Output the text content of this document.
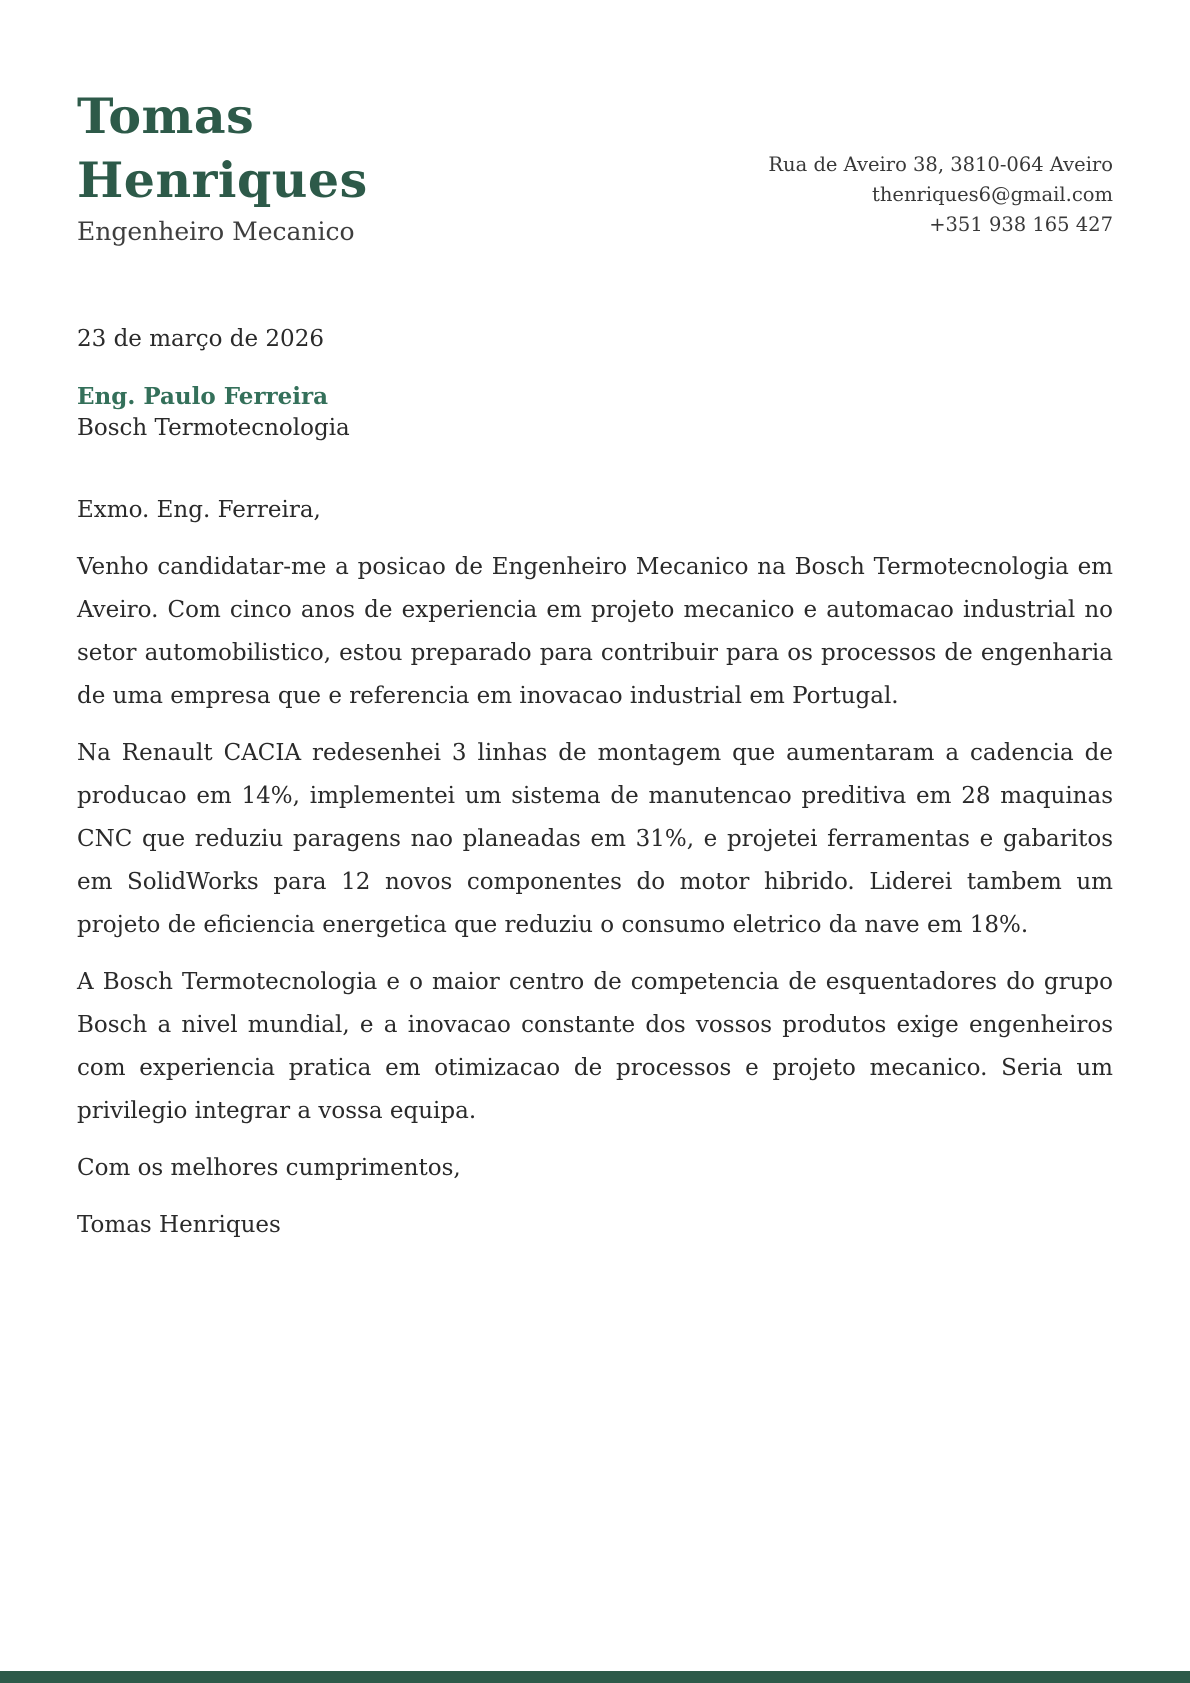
Tomas
Henriques
Engenheiro Mecanico
Rua de Aveiro 38, 3810-064 Aveiro
thenriques6@gmail.com
+351 938 165 427
23 de março de 2026
Eng. Paulo Ferreira
Bosch Termotecnologia

Exmo. Eng. Ferreira,

Venho candidatar-me a posicao de Engenheiro Mecanico na Bosch Termotecnologia em Aveiro. Com cinco anos de experiencia em projeto mecanico e automacao industrial no setor automobilistico, estou preparado para contribuir para os processos de engenharia de uma empresa que e referencia em inovacao industrial em Portugal.

Na Renault CACIA redesenhei 3 linhas de montagem que aumentaram a cadencia de producao em 14%, implementei um sistema de manutencao preditiva em 28 maquinas CNC que reduziu paragens nao planeadas em 31%, e projetei ferramentas e gabaritos em SolidWorks para 12 novos componentes do motor hibrido. Liderei tambem um projeto de eficiencia energetica que reduziu o consumo eletrico da nave em 18%.

A Bosch Termotecnologia e o maior centro de competencia de esquentadores do grupo Bosch a nivel mundial, e a inovacao constante dos vossos produtos exige engenheiros com experiencia pratica em otimizacao de processos e projeto mecanico. Seria um privilegio integrar a vossa equipa.

Com os melhores cumprimentos,

Tomas Henriques
